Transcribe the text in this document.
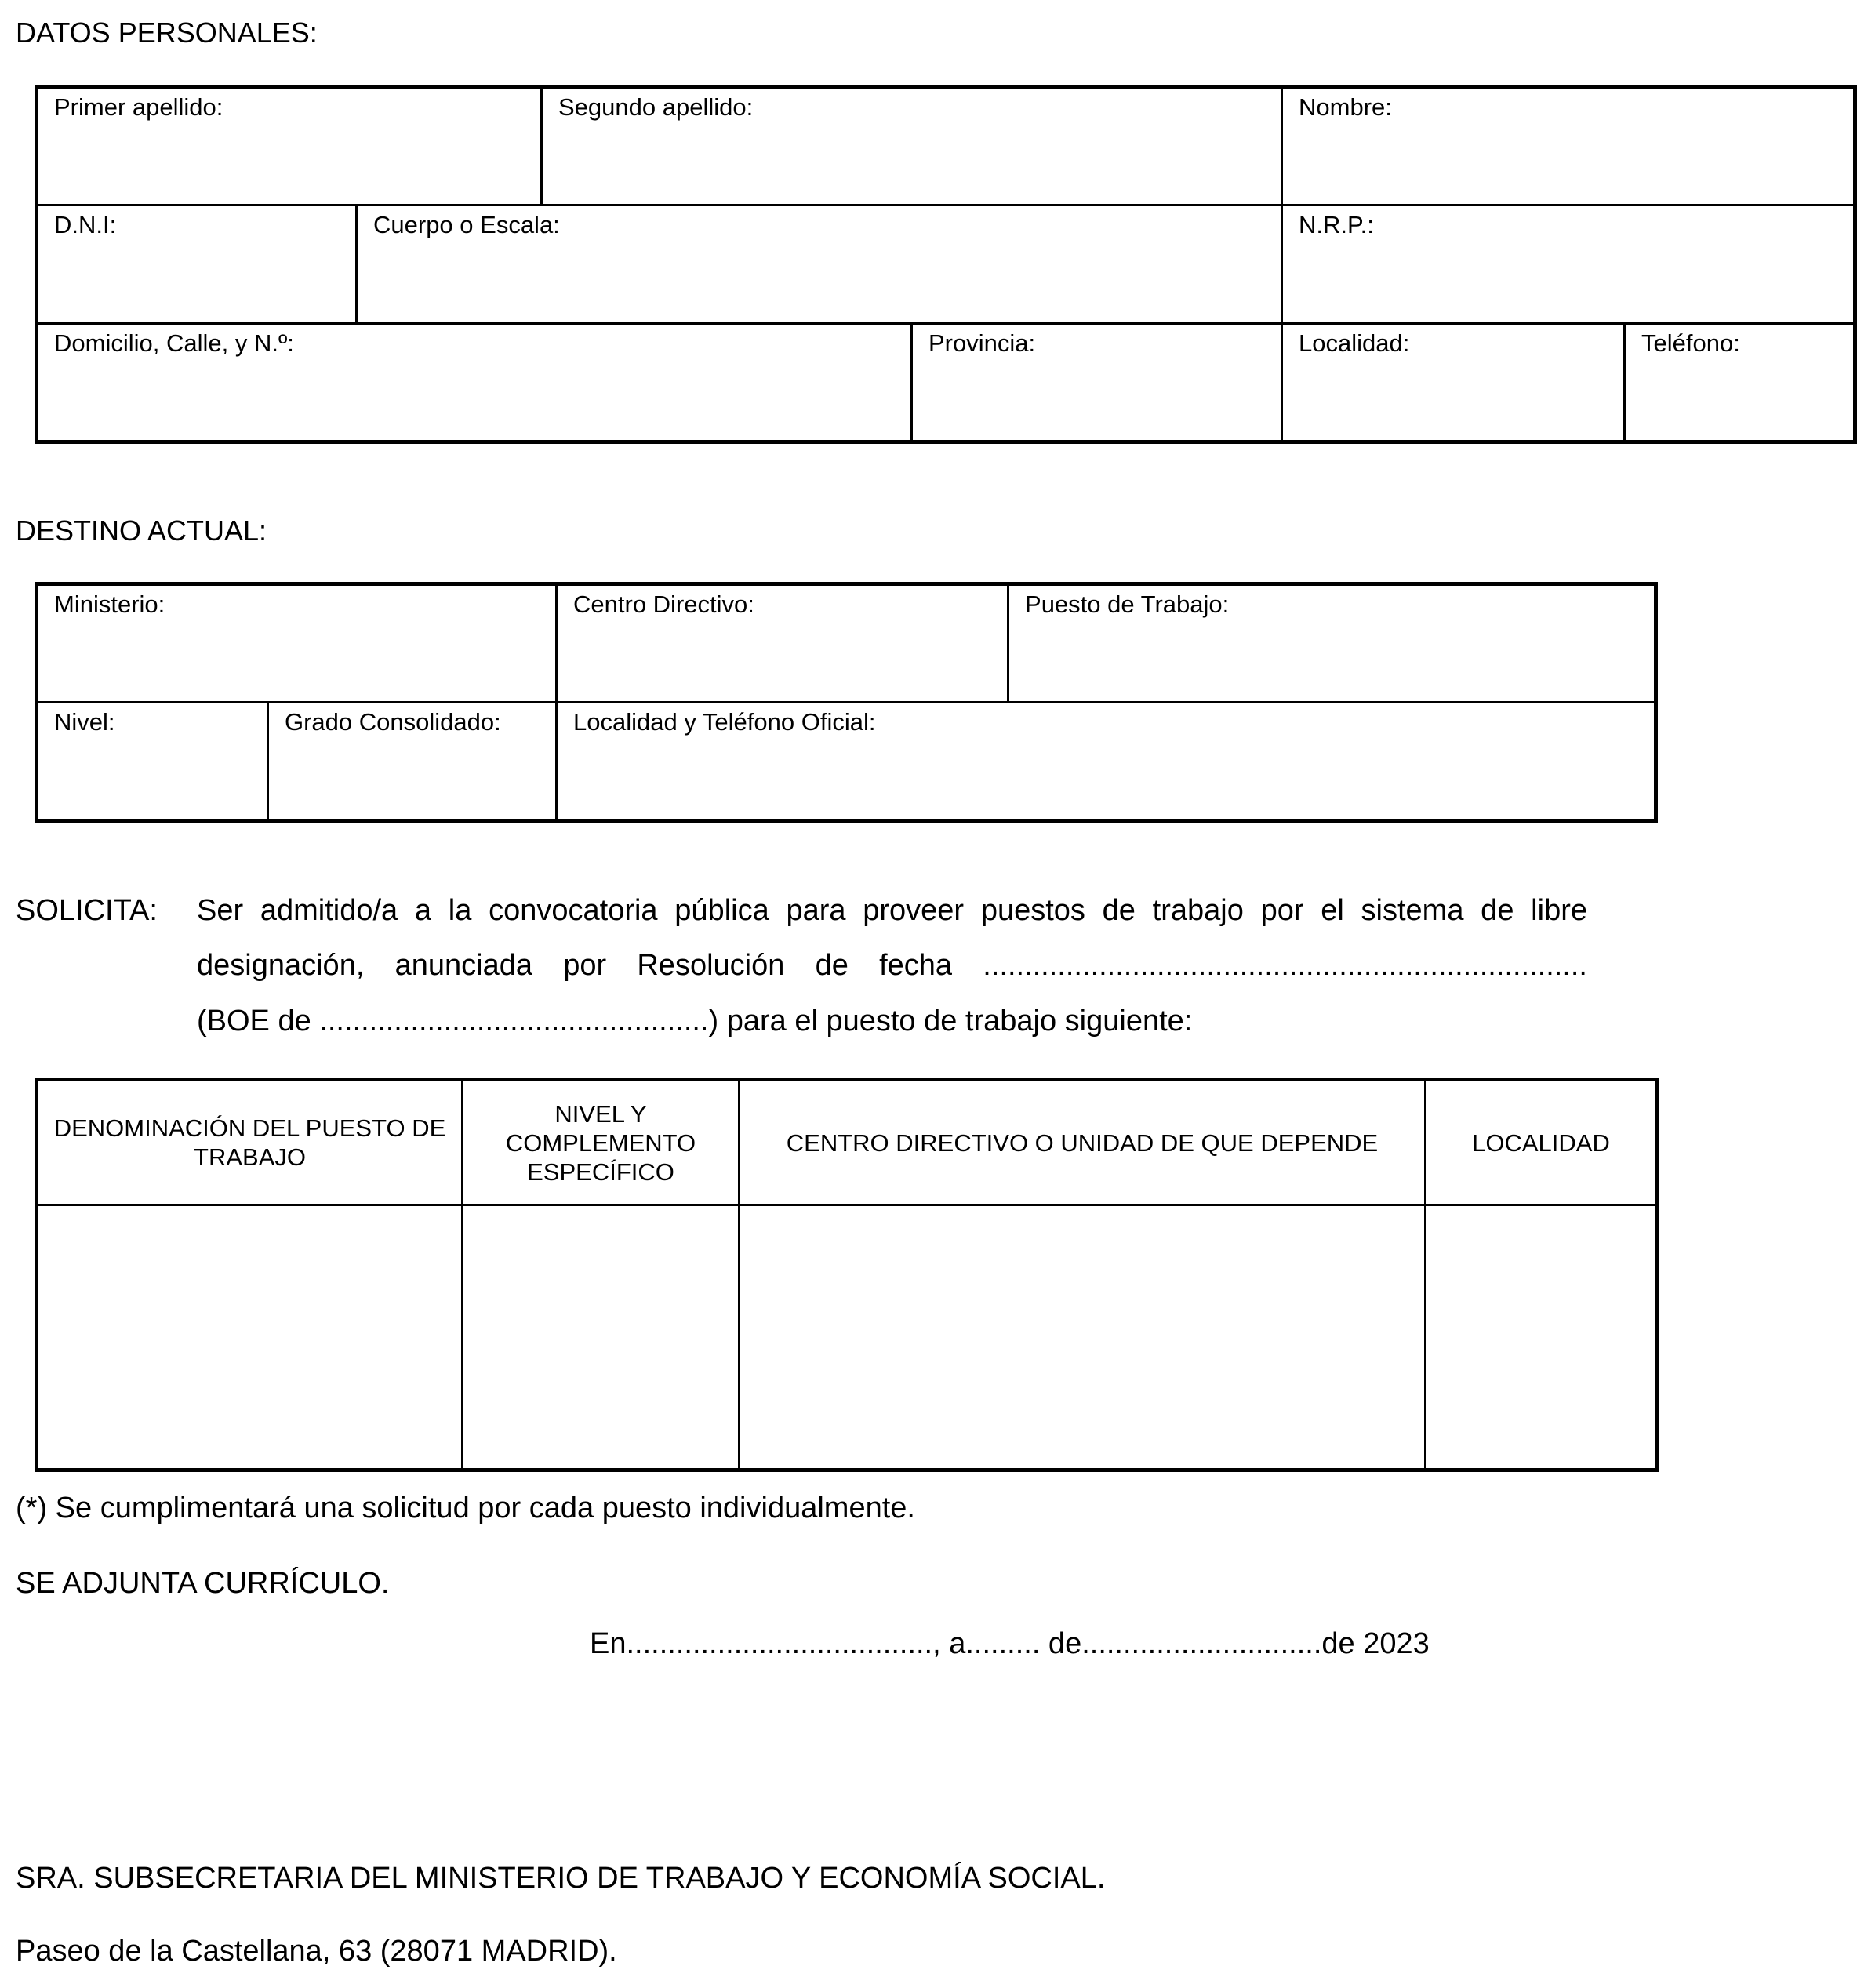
DATOS PERSONALES:
Primer apellido:		Segundo apellido:		Nombre:	

D.N.I:	Cuerpo o Escala:			N.R.P.:	

Domicilio, Calle, y N.º:			Provincia:	Localidad:	Teléfono:
DESTINO ACTUAL:
Ministerio:		Centro Directivo:	Puesto de Trabajo:

Nivel:	Grado Consolidado:	Localidad y Teléfono Oficial:	
SOLICITA: Ser admitido/a a la convocatoria pública para proveer puestos de trabajo por el sistema de libre
designación, anunciada por Resolución de fecha .........................................................................
(BOE de ...............................................) para el puesto de trabajo siguiente:
DENOMINACIÓN DEL PUESTO DE TRABAJO	NIVEL Y COMPLEMENTO ESPECÍFICO	CENTRO DIRECTIVO O UNIDAD DE QUE DEPENDE	LOCALIDAD

(*) Se cumplimentará una solicitud por cada puesto individualmente.
SE ADJUNTA CURRÍCULO.
En....................................., a......... de.............................de 2023
SRA. SUBSECRETARIA DEL MINISTERIO DE TRABAJO Y ECONOMÍA SOCIAL.
Paseo de la Castellana, 63 (28071 MADRID).
